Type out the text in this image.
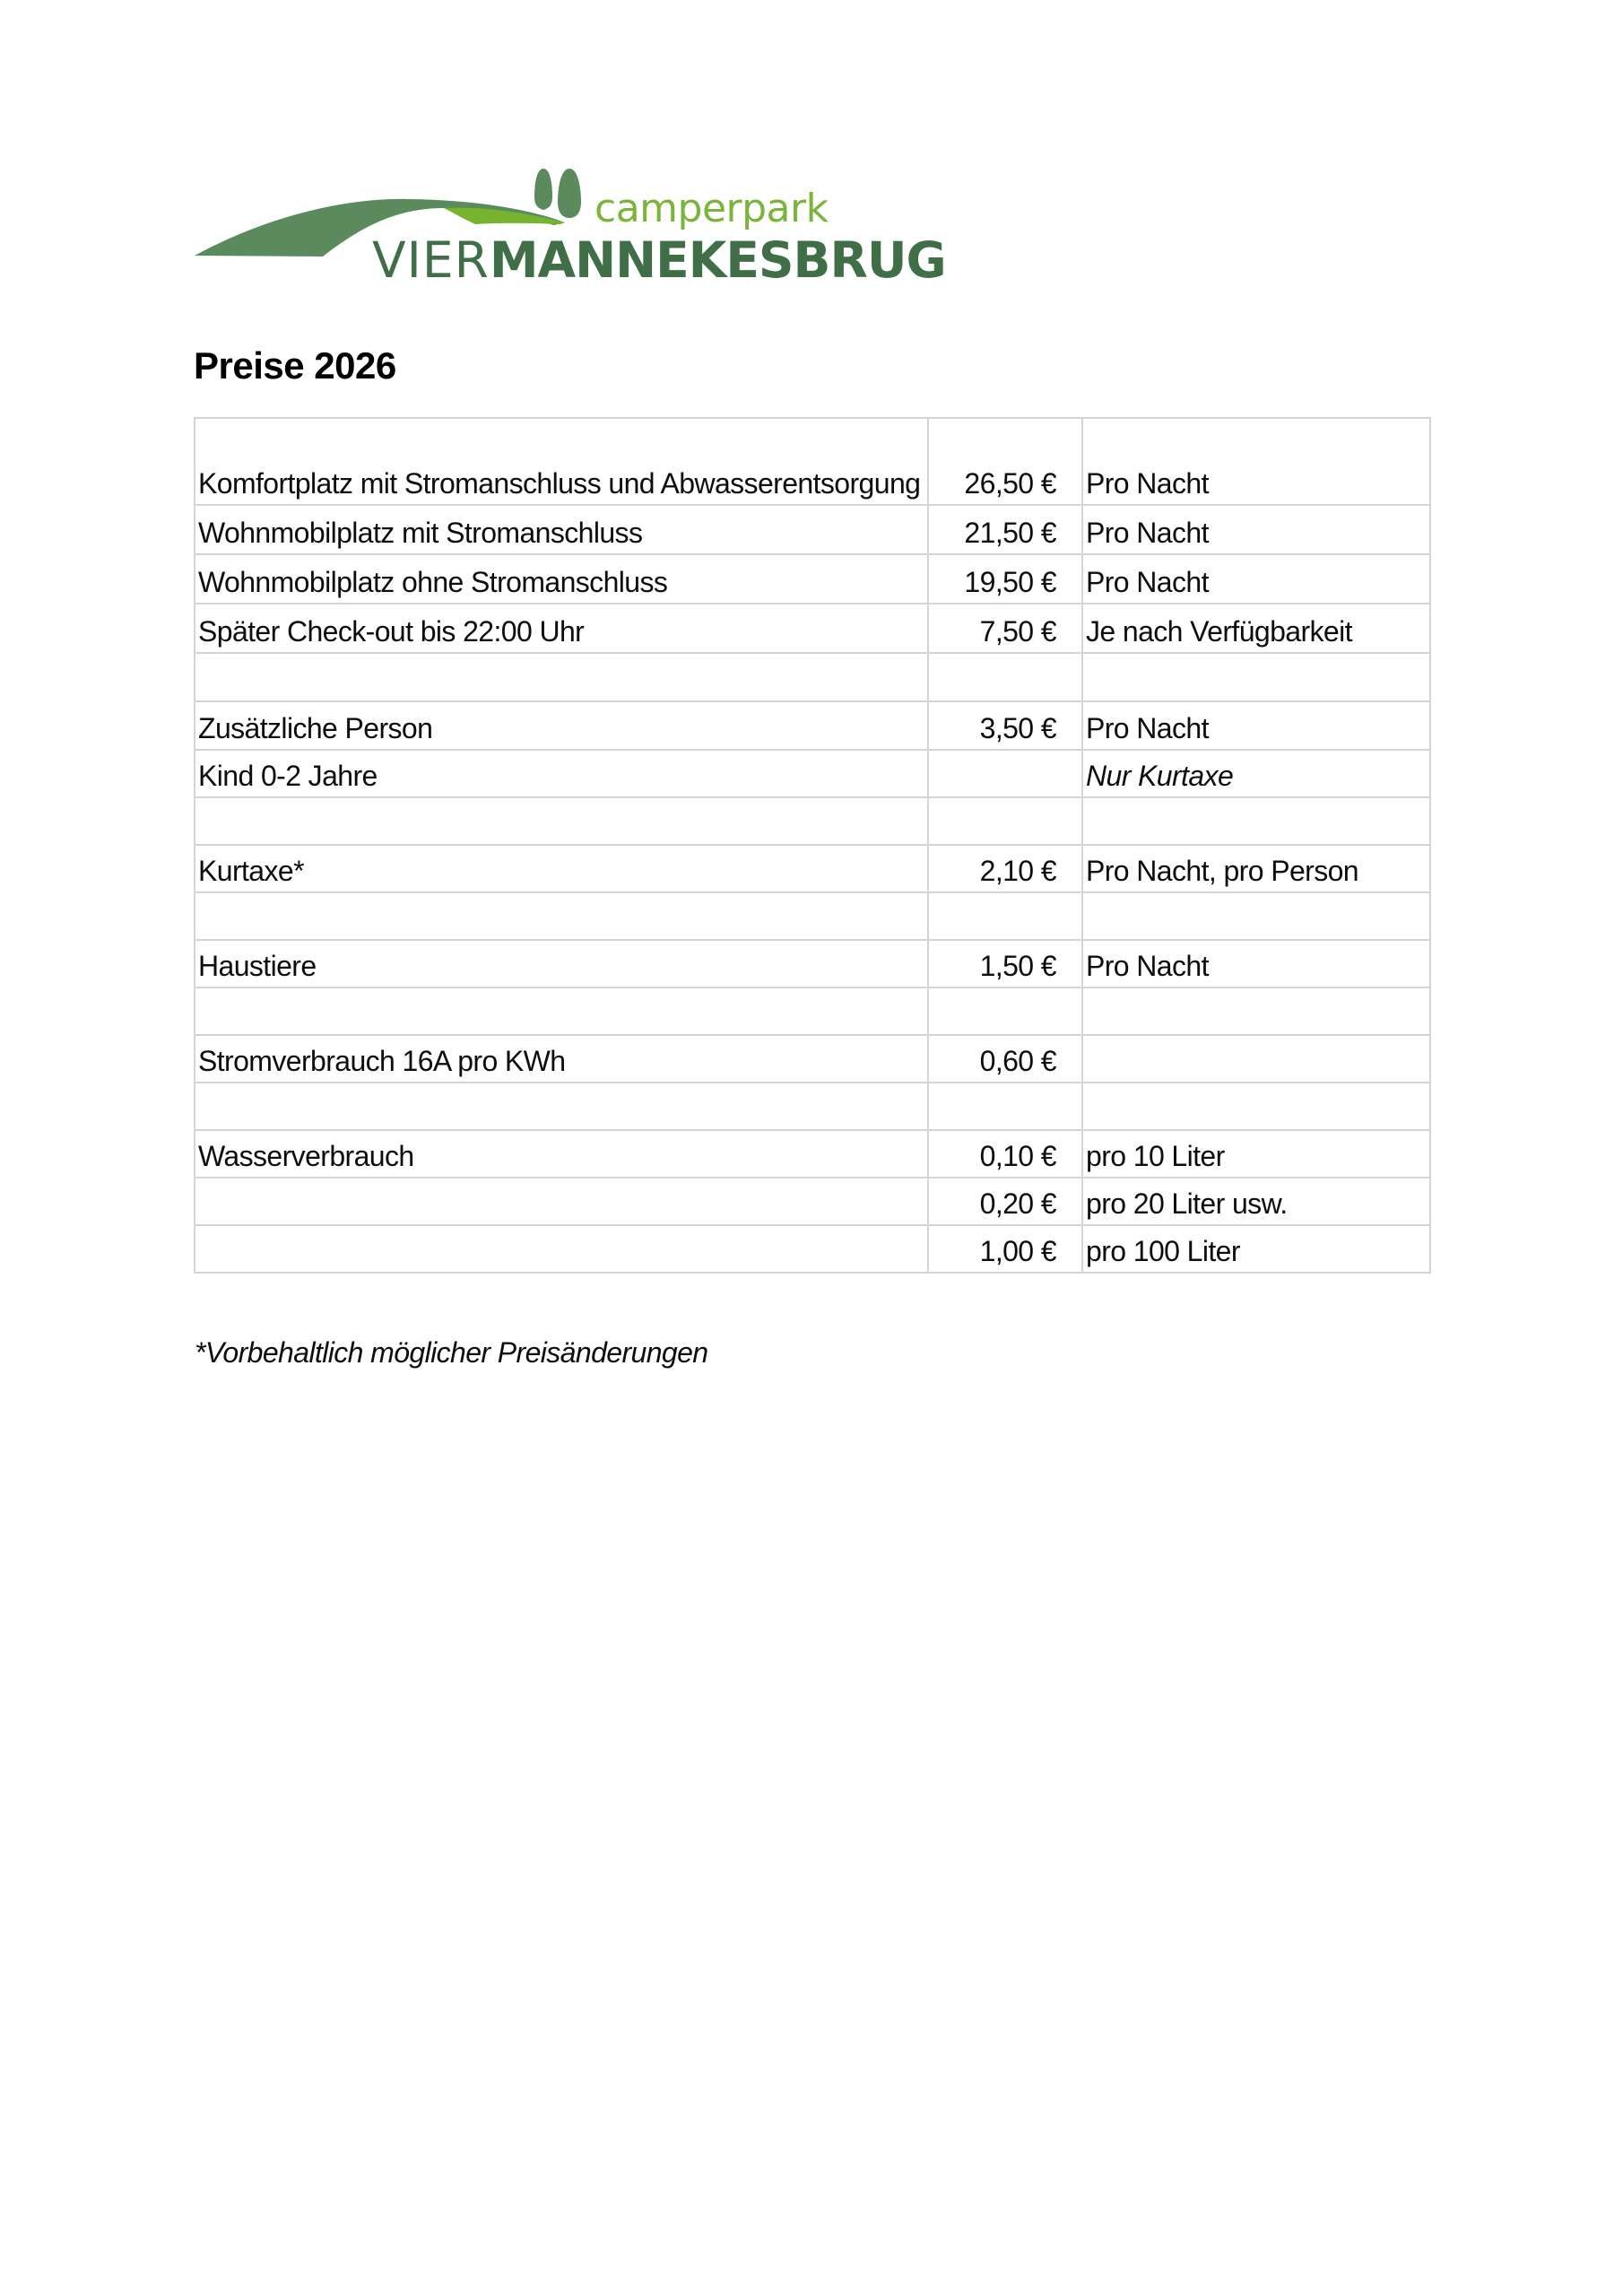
camperpark
VIERMANNEKESBRUG
Preise 2026
Komfortplatz mit Stromanschluss und Abwasserentsorgung	26,50 €	Pro Nacht
Wohnmobilplatz mit Stromanschluss	21,50 €	Pro Nacht
Wohnmobilplatz ohne Stromanschluss	19,50 €	Pro Nacht
Später Check-out bis 22:00 Uhr	7,50 €	Je nach Verfügbarkeit

Zusätzliche Person	3,50 €	Pro Nacht
Kind 0-2 Jahre		Nur Kurtaxe

Kurtaxe*	2,10 €	Pro Nacht, pro Person

Haustiere	1,50 €	Pro Nacht

Stromverbrauch 16A pro KWh	0,60 €	

Wasserverbrauch	0,10 €	pro 10 Liter
	0,20 €	pro 20 Liter usw.
	1,00 €	pro 100 Liter

*Vorbehaltlich möglicher Preisänderungen
